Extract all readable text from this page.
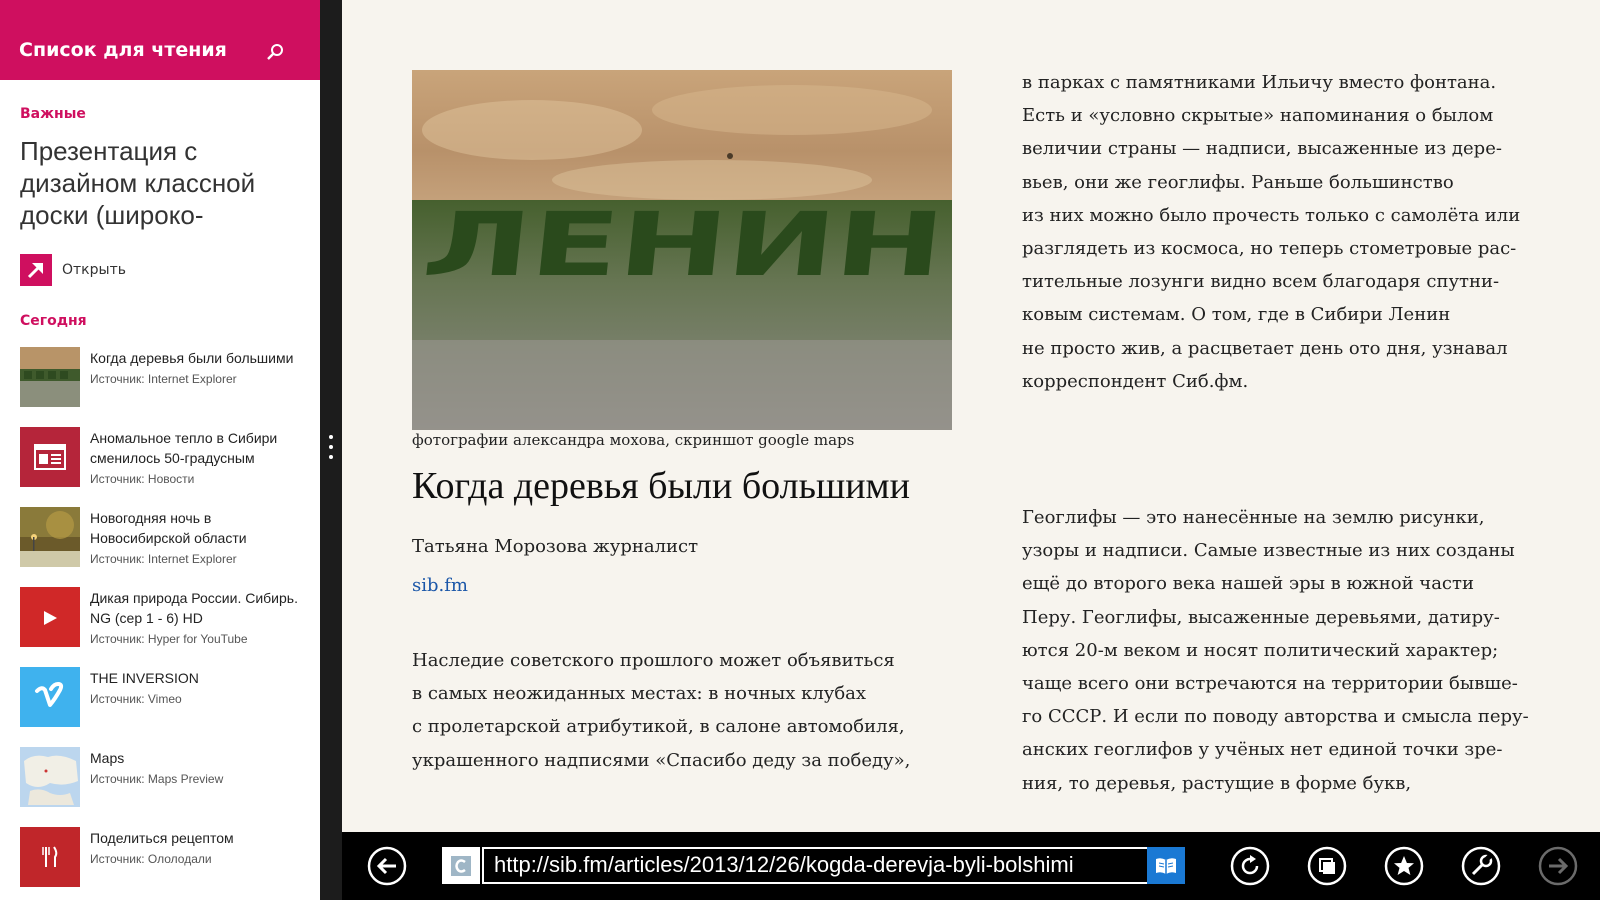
Список для чтения
Важные
Презентация с дизайном классной доски (широко-
Открыть
Сегодня
Когда деревья были большими
Источник: Internet Explorer
Аномальное тепло в Сибири сменилось 50-градусным
Источник: Новости
Новогодняя ночь в Новосибирской области
Источник: Internet Explorer
Дикая природа России. Сибирь. NG (сер 1 - 6) HD
Источник: Hyper for YouTube
THE INVERSION
Источник: Vimeo
Maps
Источник: Maps Preview
Поделиться рецептом
Источник: Ололодали
ЛЕНИН
фотографии александра мохова, скриншот google maps
Когда деревья были большими
Татьяна Морозова журналист
sib.fm
Наследие советского прошлого может объявиться
в самых неожиданных местах: в ночных клубах
с пролетарской атрибутикой, в салоне автомобиля,
украшенного надписями «Спасибо деду за победу»,
в парках с памятниками Ильичу вместо фонтана.
Есть и «условно скрытые» напоминания о былом
величии страны — надписи, высаженные из дере-
вьев, они же геоглифы. Раньше большинство
из них можно было прочесть только с самолёта или
разглядеть из космоса, но теперь стометровые рас-
тительные лозунги видно всем благодаря спутни-
ковым системам. О том, где в Сибири Ленин
не просто жив, а расцветает день ото дня, узнавал
корреспондент Сиб.фм.
Геоглифы — это нанесённые на землю рисунки,
узоры и надписи. Самые известные из них созданы
ещё до второго века нашей эры в южной части
Перу. Геоглифы, высаженные деревьями, датиру-
ются 20-м веком и носят политический характер;
чаще всего они встречаются на территории бывше-
го СССР. И если по поводу авторства и смысла перу-
анских геоглифов у учёных нет единой точки зре-
ния, то деревья, растущие в форме букв,
http://sib.fm/articles/2013/12/26/kogda-derevja-byli-bolshimi
